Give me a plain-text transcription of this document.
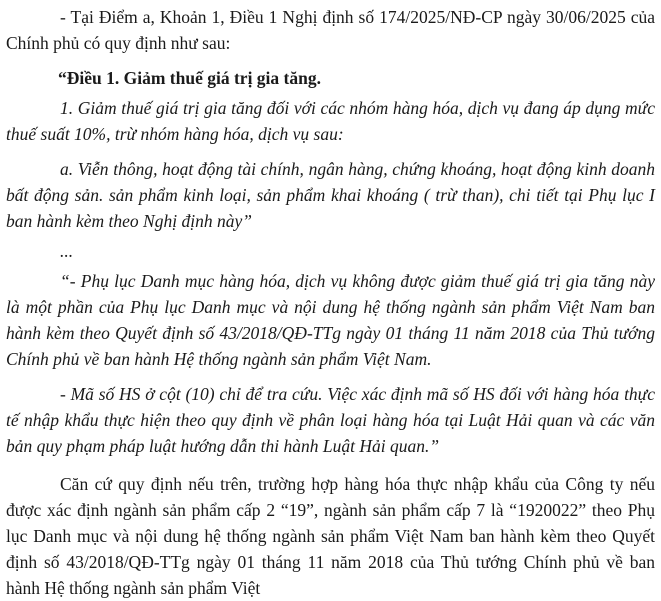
- Tại Điểm a, Khoản 1, Điều 1 Nghị định số 174/2025/NĐ-CP ngày 30/06/2025 của Chính phủ có quy định như sau:

“Điều 1. Giảm thuế giá trị gia tăng.

1. Giảm thuế giá trị gia tăng đối với các nhóm hàng hóa, dịch vụ đang áp dụng mức thuế suất 10%, trừ nhóm hàng hóa, dịch vụ sau:

a. Viễn thông, hoạt động tài chính, ngân hàng, chứng khoáng, hoạt động kinh doanh bất động sản. sản phẩm kinh loại, sản phẩm khai khoáng ( trừ than), chi tiết tại Phụ lục I ban hành kèm theo Nghị định này”

...

“- Phụ lục Danh mục hàng hóa, dịch vụ không được giảm thuế giá trị gia tăng này là một phần của Phụ lục Danh mục và nội dung hệ thống ngành sản phẩm Việt Nam ban hành kèm theo Quyết định số 43/2018/QĐ-TTg ngày 01 tháng 11 năm 2018 của Thủ tướng Chính phủ về ban hành Hệ thống ngành sản phẩm Việt Nam.

- Mã số HS ở cột (10) chỉ để tra cứu. Việc xác định mã số HS đối với hàng hóa thực tế nhập khẩu thực hiện theo quy định về phân loại hàng hóa tại Luật Hải quan và các văn bản quy phạm pháp luật hướng dẫn thi hành Luật Hải quan.”

Căn cứ quy định nếu trên, trường hợp hàng hóa thực nhập khẩu của Công ty nếu được xác định ngành sản phẩm cấp 2 “19”, ngành sản phẩm cấp 7 là “1920022” theo Phụ lục Danh mục và nội dung hệ thống ngành sản phẩm Việt Nam ban hành kèm theo Quyết định số 43/2018/QĐ-TTg ngày 01 tháng 11 năm 2018 của Thủ tướng Chính phủ về ban hành Hệ thống ngành sản phẩm Việt
